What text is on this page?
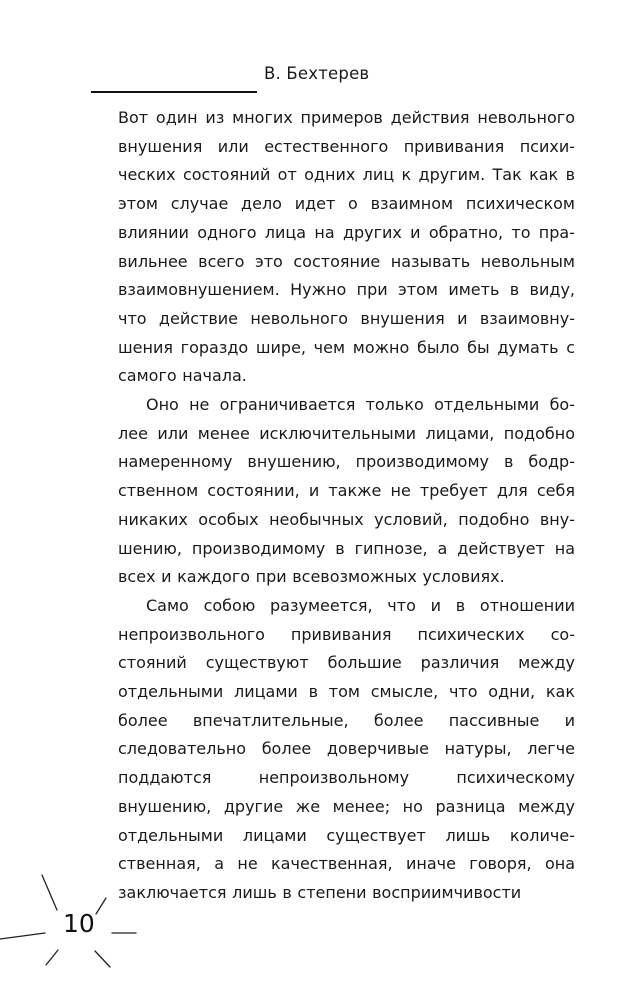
В. Бехтерев

Вот один из многих примеров действия невольного внушения или естественного прививания психических состояний от одних лиц к другим. Так как в этом случае дело идет о взаимном психическом влиянии одного лица на других и обратно, то правильнее всего это состояние называть невольным взаимовнушением. Нужно при этом иметь в виду, что действие невольного внушения и взаимовнушения гораздо шире, чем можно было бы думать с самого начала.

Оно не ограничивается только отдельными более или менее исключительными лицами, подобно намеренному внушению, производимому в бодрственном состоянии, и также не требует для себя никаких особых необычных условий, подобно внушению, производимому в гипнозе, а действует на всех и каждого при всевозможных условиях.

Само собою разумеется, что и в отношении непроизвольного прививания психических состояний существуют большие различия между отдельными лицами в том смысле, что одни, как более впечатлительные, более пассивные и следовательно более доверчивые натуры, легче поддаются непроизвольному психическому внушению, другие же менее; но разница между отдельными лицами существует лишь количественная, а не качественная, иначе говоря, она заключается лишь в степени восприимчивости

10
